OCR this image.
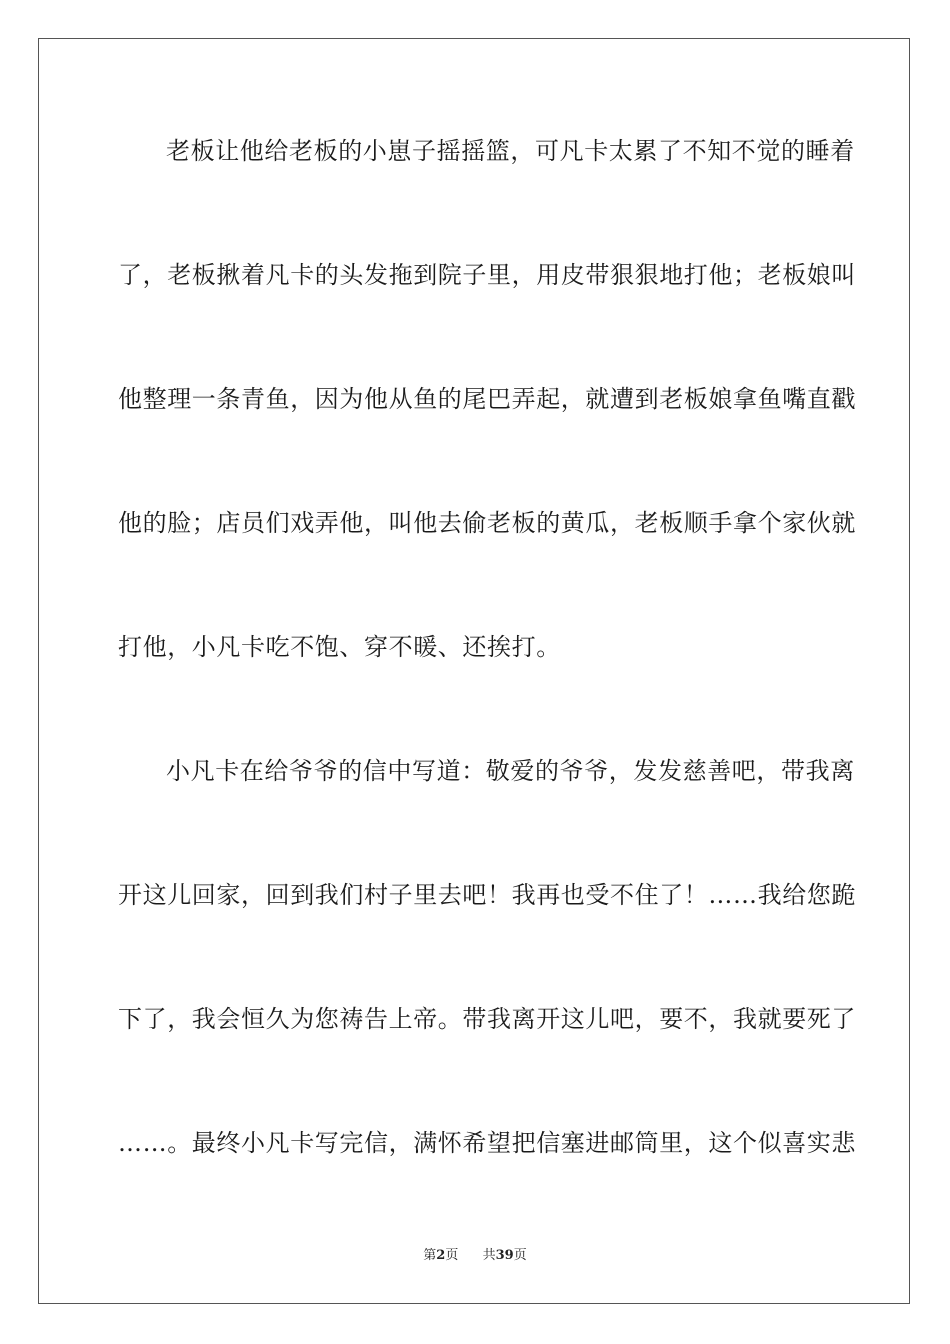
老板让他给老板的小崽子摇摇篮，可凡卡太累了不知不觉的睡着
了，老板揪着凡卡的头发拖到院子里，用皮带狠狠地打他；老板娘叫
他整理一条青鱼，因为他从鱼的尾巴弄起，就遭到老板娘拿鱼嘴直戳
他的脸；店员们戏弄他，叫他去偷老板的黄瓜，老板顺手拿个家伙就
打他，小凡卡吃不饱、穿不暖、还挨打。
小凡卡在给爷爷的信中写道：敬爱的爷爷，发发慈善吧，带我离
开这儿回家，回到我们村子里去吧！我再也受不住了！……我给您跪
下了，我会恒久为您祷告上帝。带我离开这儿吧，要不，我就要死了
……。最终小凡卡写完信，满怀希望把信塞进邮筒里，这个似喜实悲
第2页 共39页
